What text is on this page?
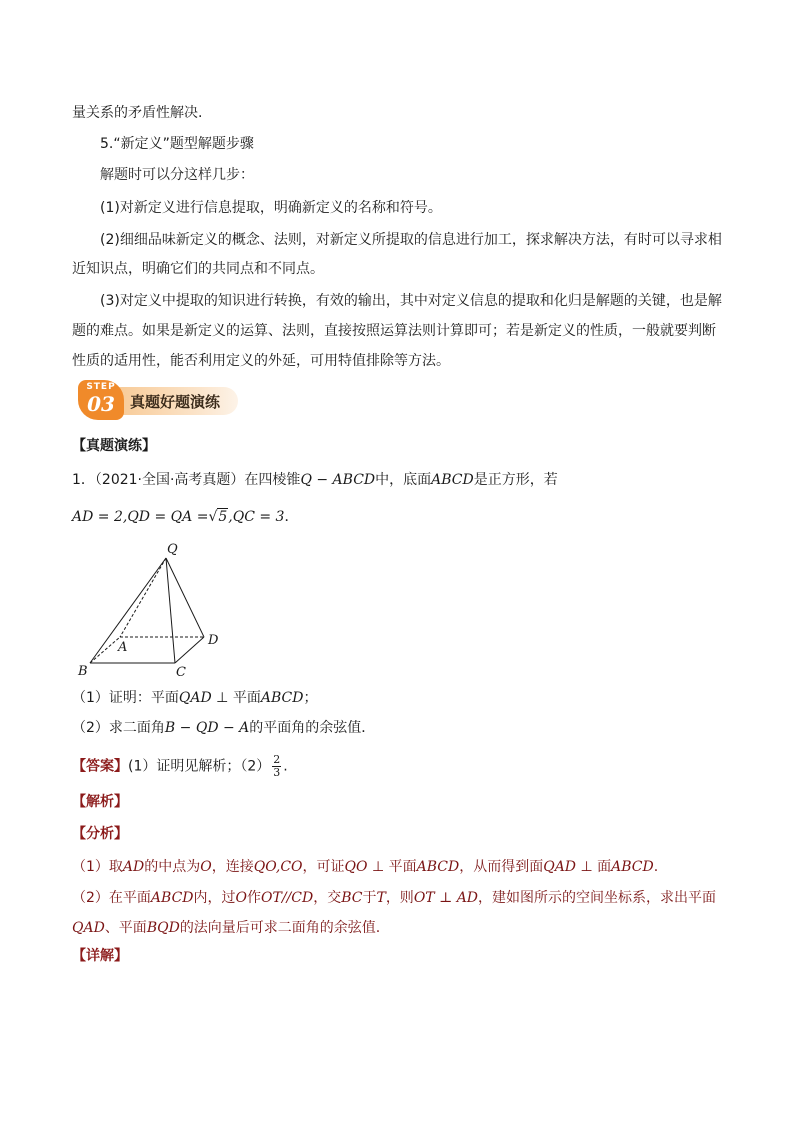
量关系的矛盾性解决.
5.“新定义”题型解题步骤
解题时可以分这样几步：
(1)对新定义进行信息提取，明确新定义的名称和符号。
(2)细细品味新定义的概念、法则，对新定义所提取的信息进行加工，探求解决方法，有时可以寻求相
近知识点，明确它们的共同点和不同点。
(3)对定义中提取的知识进行转换，有效的输出，其中对定义信息的提取和化归是解题的关键，也是解
题的难点。如果是新定义的运算、法则，直接按照运算法则计算即可；若是新定义的性质，一般就要判断
性质的适用性，能否利用定义的外延，可用特值排除等方法。
真题好题演练
STEP
03
【真题演练】
1．（2021·全国·高考真题）在四棱锥Q − ABCD中，底面ABCD是正方形，若
AD = 2,QD = QA =√5,QC = 3．
Q
A
B	C
D
（1）证明：平面QAD ⊥ 平面ABCD；
（2）求二面角B − QD − A的平面角的余弦值．
【答案】(1）证明见解析；$(2) \frac{2}{3}$ .
【解析】
【分析】
（1）取AD的中点为O，连接QO,CO，可证QO ⊥ 平面ABCD，从而得到面QAD ⊥ 面ABCD.
（2）在平面ABCD内，过O作OT//CD，交BC于T，则OT ⊥ AD，建如图所示的空间坐标系，求出平面
QAD、平面BQD的法向量后可求二面角的余弦值.
【详解】
